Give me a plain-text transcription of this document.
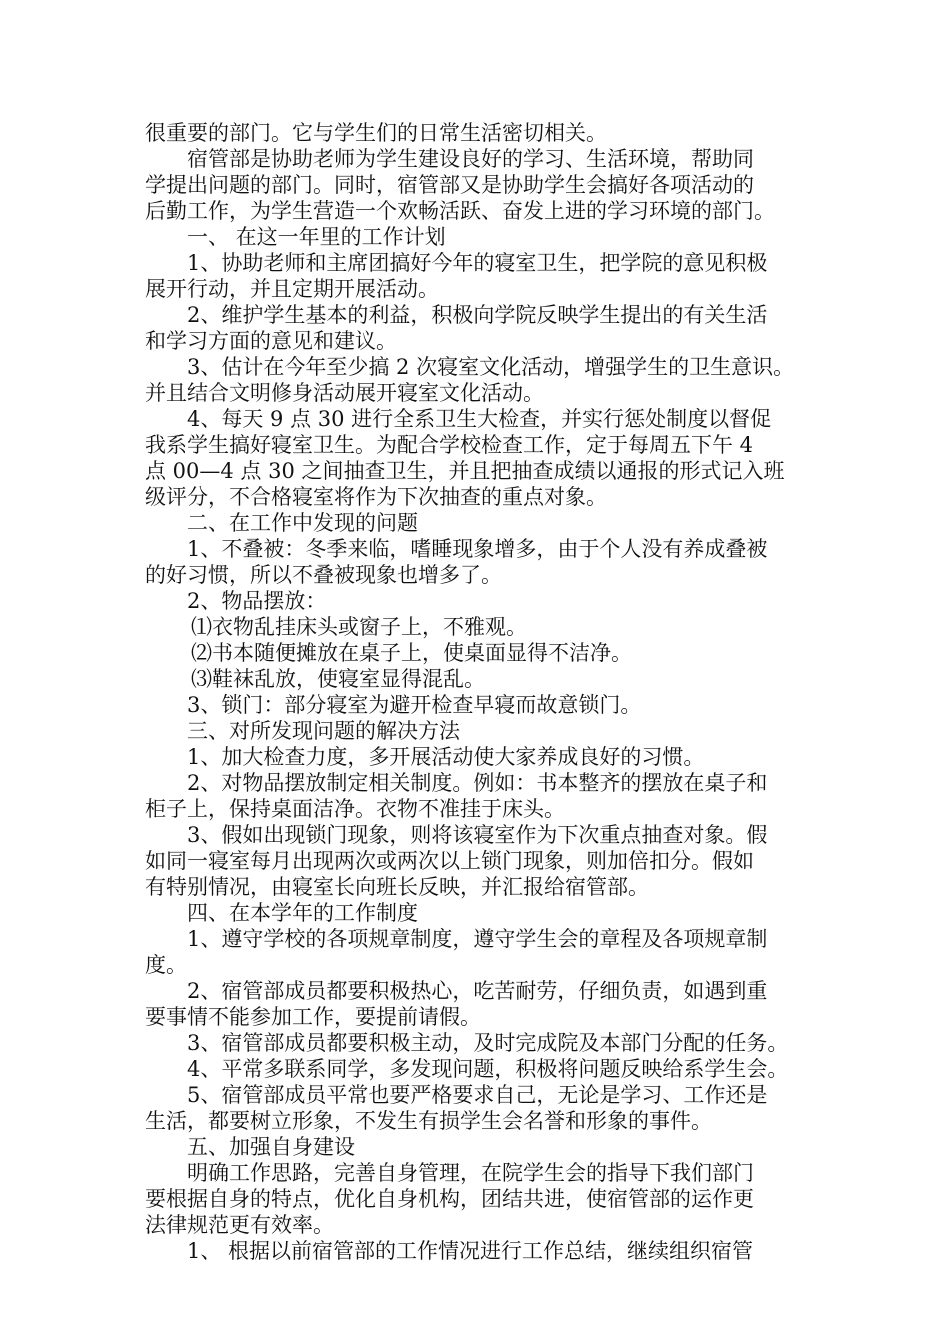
很重要的部门。它与学生们的日常生活密切相关。
宿管部是协助老师为学生建设良好的学习、生活环境，帮助同
学提出问题的部门。同时，宿管部又是协助学生会搞好各项活动的
后勤工作，为学生营造一个欢畅活跃、奋发上进的学习环境的部门。
一、 在这一年里的工作计划
1、协助老师和主席团搞好今年的寝室卫生，把学院的意见积极
展开行动，并且定期开展活动。
2、维护学生基本的利益，积极向学院反映学生提出的有关生活
和学习方面的意见和建议。
3、估计在今年至少搞 2 次寝室文化活动，增强学生的卫生意识。
并且结合文明修身活动展开寝室文化活动。
4、每天 9 点 30 进行全系卫生大检查，并实行惩处制度以督促
我系学生搞好寝室卫生。为配合学校检查工作，定于每周五下午 4
点 00—4 点 30 之间抽查卫生，并且把抽查成绩以通报的形式记入班
级评分，不合格寝室将作为下次抽查的重点对象。
二、在工作中发现的问题
1、不叠被：冬季来临，嗜睡现象增多，由于个人没有养成叠被
的好习惯，所以不叠被现象也增多了。
2、物品摆放：
⑴衣物乱挂床头或窗子上，不雅观。
⑵书本随便摊放在桌子上，使桌面显得不洁净。
⑶鞋袜乱放，使寝室显得混乱。
3、锁门：部分寝室为避开检查早寝而故意锁门。
三、对所发现问题的解决方法
1、加大检查力度，多开展活动使大家养成良好的习惯。
2、对物品摆放制定相关制度。例如：书本整齐的摆放在桌子和
柜子上，保持桌面洁净。衣物不准挂于床头。
3、假如出现锁门现象，则将该寝室作为下次重点抽查对象。假
如同一寝室每月出现两次或两次以上锁门现象，则加倍扣分。假如
有特别情况，由寝室长向班长反映，并汇报给宿管部。
四、在本学年的工作制度
1、遵守学校的各项规章制度，遵守学生会的章程及各项规章制
度。
2、宿管部成员都要积极热心，吃苦耐劳，仔细负责，如遇到重
要事情不能参加工作，要提前请假。
3、宿管部成员都要积极主动，及时完成院及本部门分配的任务。
4、平常多联系同学，多发现问题，积极将问题反映给系学生会。
5、宿管部成员平常也要严格要求自己，无论是学习、工作还是
生活，都要树立形象，不发生有损学生会名誉和形象的事件。
五、加强自身建设
明确工作思路，完善自身管理，在院学生会的指导下我们部门
要根据自身的特点，优化自身机构，团结共进，使宿管部的运作更
法律规范更有效率。
1、 根据以前宿管部的工作情况进行工作总结，继续组织宿管
